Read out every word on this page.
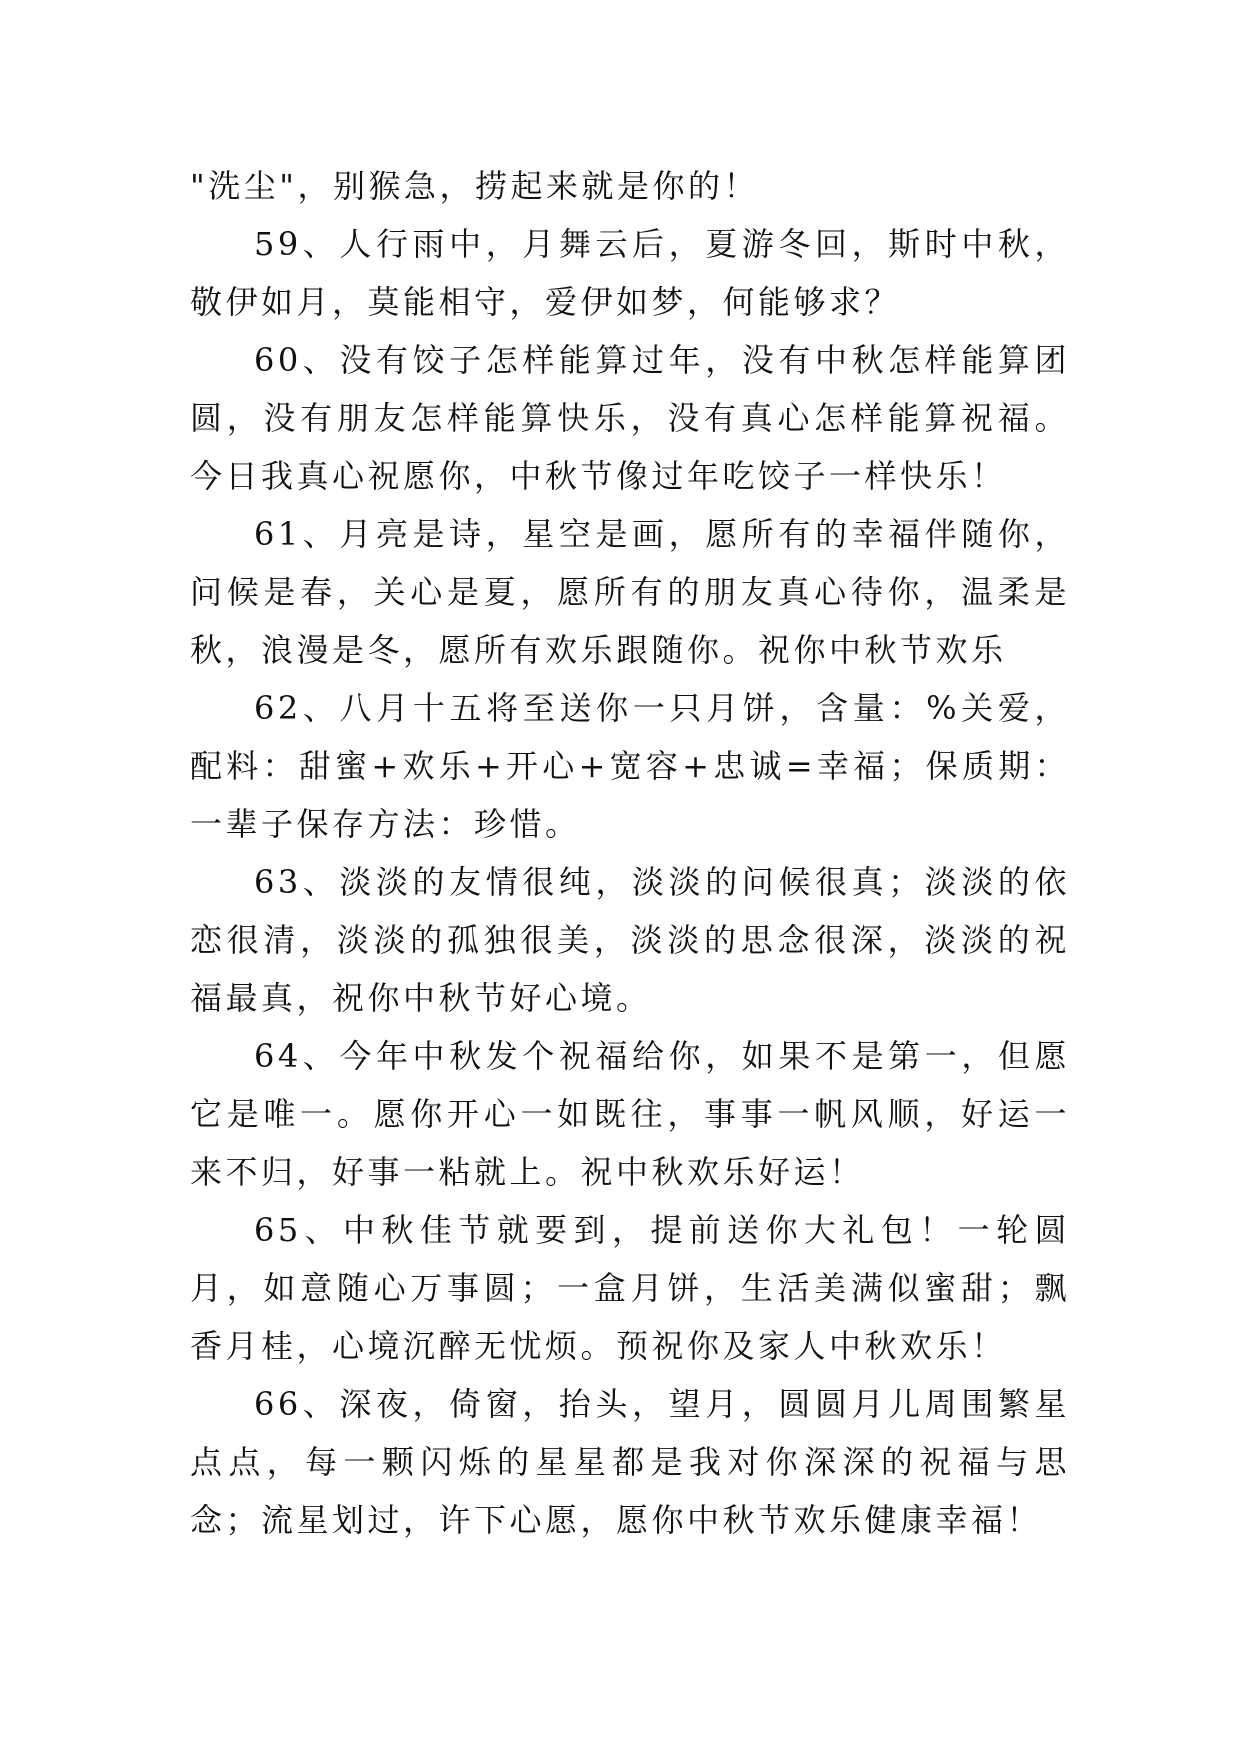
"洗尘"，别猴急，捞起来就是你的！

59、人行雨中，月舞云后，夏游冬回，斯时中秋，敬伊如月，莫能相守，爱伊如梦，何能够求？

60、没有饺子怎样能算过年，没有中秋怎样能算团圆，没有朋友怎样能算快乐，没有真心怎样能算祝福。今日我真心祝愿你，中秋节像过年吃饺子一样快乐！

61、月亮是诗，星空是画，愿所有的幸福伴随你，问候是春，关心是夏，愿所有的朋友真心待你，温柔是秋，浪漫是冬，愿所有欢乐跟随你。祝你中秋节欢乐

62、八月十五将至送你一只月饼，含量：%关爱，配料：甜蜜+欢乐+开心+宽容+忠诚=幸福；保质期：一辈子保存方法：珍惜。

63、淡淡的友情很纯，淡淡的问候很真；淡淡的依恋很清，淡淡的孤独很美，淡淡的思念很深，淡淡的祝福最真，祝你中秋节好心境。

64、今年中秋发个祝福给你，如果不是第一，但愿它是唯一。愿你开心一如既往，事事一帆风顺，好运一来不归，好事一粘就上。祝中秋欢乐好运！

65、中秋佳节就要到，提前送你大礼包！一轮圆月，如意随心万事圆；一盒月饼，生活美满似蜜甜；飘香月桂，心境沉醉无忧烦。预祝你及家人中秋欢乐！

66、深夜，倚窗，抬头，望月，圆圆月儿周围繁星点点，每一颗闪烁的星星都是我对你深深的祝福与思念；流星划过，许下心愿，愿你中秋节欢乐健康幸福！
